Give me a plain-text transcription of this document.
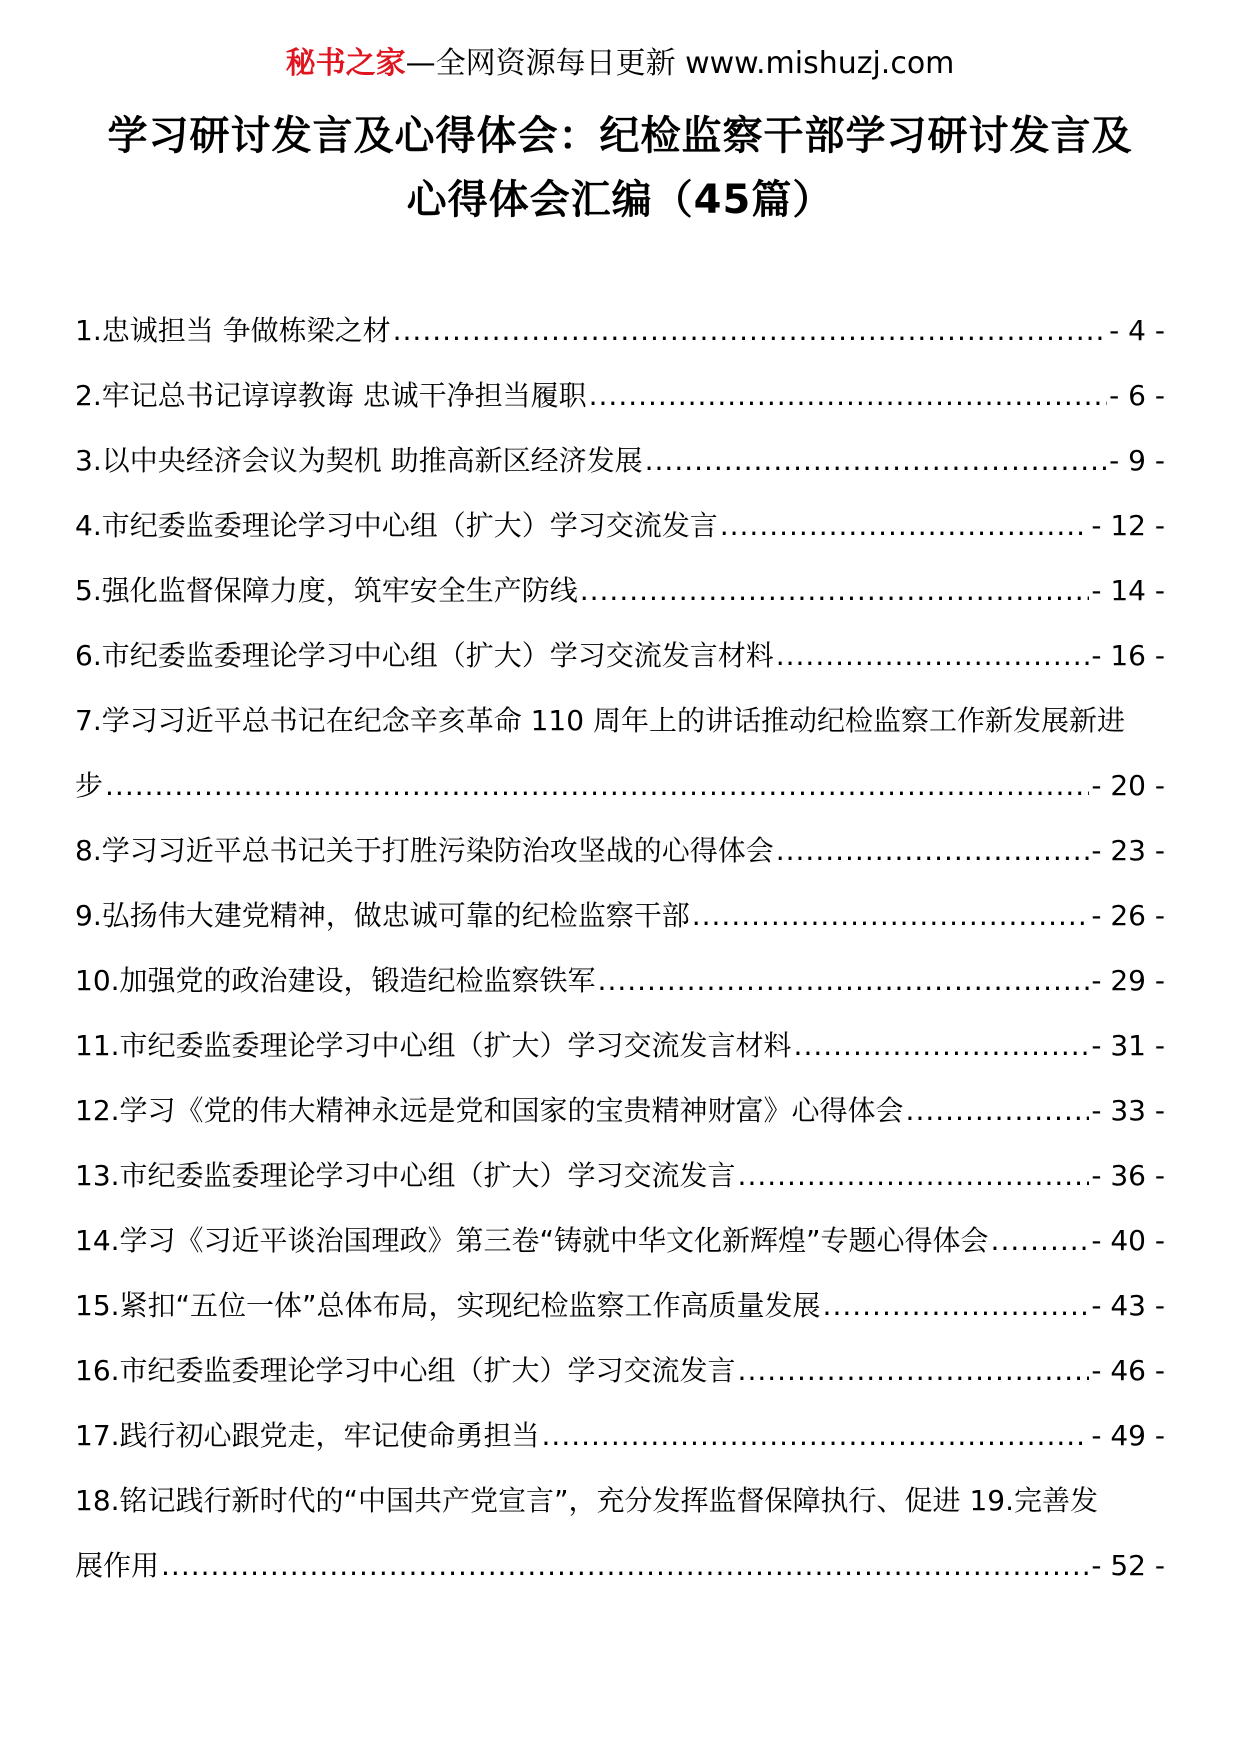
秘书之家—全网资源每日更新 www.mishuzj.com
学习研讨发言及心得体会：纪检监察干部学习研讨发言及心得体会汇编（45篇）
1.忠诚担当 争做栋梁之材 .....	- 4 -
2.牢记总书记谆谆教诲 忠诚干净担当履职 .....	- 6 -
3.以中央经济会议为契机 助推高新区经济发展 .....	- 9 -
4.市纪委监委理论学习中心组（扩大）学习交流发言 .....	- 12 -
5.强化监督保障力度，筑牢安全生产防线 .....	- 14 -
6.市纪委监委理论学习中心组（扩大）学习交流发言材料 .....	- 16 -
7.学习习近平总书记在纪念辛亥革命 110 周年上的讲话推动纪检监察工作新发展新进
步 .....	- 20 -
8.学习习近平总书记关于打胜污染防治攻坚战的心得体会 .....	- 23 -
9.弘扬伟大建党精神，做忠诚可靠的纪检监察干部 .....	- 26 -
10.加强党的政治建设，锻造纪检监察铁军 .....	- 29 -
11.市纪委监委理论学习中心组（扩大）学习交流发言材料 .....	- 31 -
12.学习《党的伟大精神永远是党和国家的宝贵精神财富》心得体会 .....	- 33 -
13.市纪委监委理论学习中心组（扩大）学习交流发言 .....	- 36 -
14.学习《习近平谈治国理政》第三卷“铸就中华文化新辉煌”专题心得体会 .....	- 40 -
15.紧扣“五位一体”总体布局，实现纪检监察工作高质量发展 .....	- 43 -
16.市纪委监委理论学习中心组（扩大）学习交流发言 .....	- 46 -
17.践行初心跟党走，牢记使命勇担当 .....	- 49 -
18.铭记践行新时代的“中国共产党宣言”，充分发挥监督保障执行、促进 19.完善发
展作用 .....	- 52 -
